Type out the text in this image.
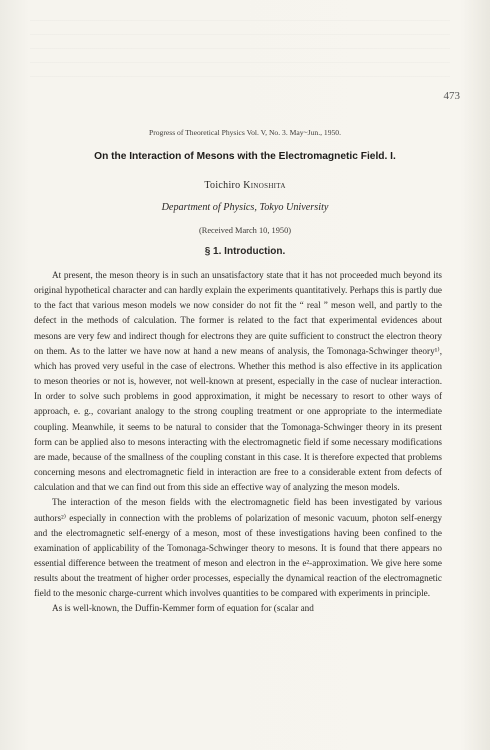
473
Progress of Theoretical Physics Vol. V, No. 3. May~Jun., 1950.
On the Interaction of Mesons with the Electromagnetic Field. I.
Toichiro Kinoshita
Department of Physics, Tokyo University
(Received March 10, 1950)
§ 1. Introduction.

At present, the meson theory is in such an unsatisfactory state that it has not proceeded much beyond its original hypothetical character and can hardly explain the experiments quantitatively. Perhaps this is partly due to the fact that various meson models we now consider do not fit the “ real ” meson well, and partly to the defect in the methods of calculation. The former is related to the fact that experimental evidences about mesons are very few and indirect though for electrons they are quite sufficient to construct the electron theory on them. As to the latter we have now at hand a new means of analysis, the Tomonaga-Schwinger theory¹⁾, which has proved very useful in the case of electrons. Whether this method is also effective in its application to meson theories or not is, however, not well-known at present, especially in the case of nuclear interaction. In order to solve such problems in good approximation, it might be necessary to resort to other ways of approach, e. g., covariant analogy to the strong coupling treatment or one appropriate to the intermediate coupling. Meanwhile, it seems to be natural to consider that the Tomonaga-Schwinger theory in its present form can be applied also to mesons interacting with the electromagnetic field if some necessary modifications are made, because of the smallness of the coupling constant in this case. It is therefore expected that problems concerning mesons and electromagnetic field in interaction are free to a considerable extent from defects of calculation and that we can find out from this side an effective way of analyzing the meson models.

The interaction of the meson fields with the electromagnetic field has been investigated by various authors²⁾ especially in connection with the problems of polarization of mesonic vacuum, photon self-energy and the electromagnetic self-energy of a meson, most of these investigations having been confined to the examination of applicability of the Tomonaga-Schwinger theory to mesons. It is found that there appears no essential difference between the treatment of meson and electron in the e²-approximation. We give here some results about the treatment of higher order processes, especially the dynamical reaction of the electromagnetic field to the mesonic charge-current which involves quantities to be compared with experiments in principle.

As is well-known, the Duffin-Kemmer form of equation for (scalar and
